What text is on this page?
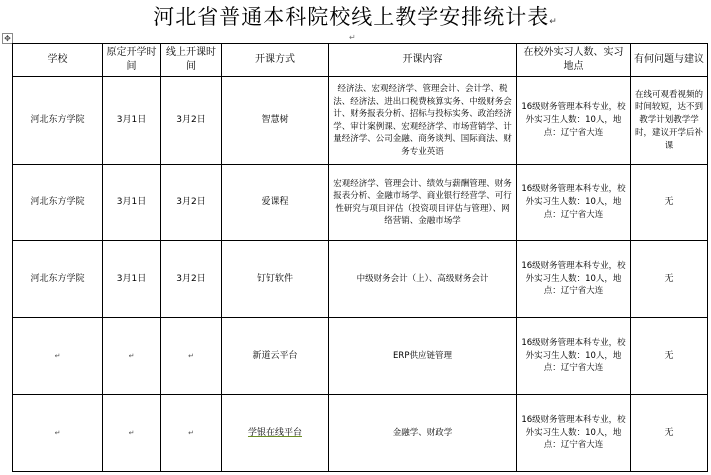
河北省普通本科院校线上教学安排统计表↵
✥	↵
学校	原定开学时间	线上开课时间	开课方式	开课内容	在校外实习人数、实习地点	有何问题与建议
河北东方学院	3月1日	3月2日	智慧树	经济法、宏观经济学、管理会计、会计学、税法、经济法、进出口税费核算实务、中级财务会计、财务报表分析、招标与投标实务、政治经济学、审计案例课、宏观经济学、市场营销学、计量经济学、公司金融、商务谈判、国际商法、财务专业英语	16级财务管理本科专业，校外实习生人数：10人，地点：辽宁省大连	在线可观看视频的时间较短，达不到教学计划教学学时，建议开学后补课
河北东方学院	3月1日	3月2日	爱课程	宏观经济学、管理会计、绩效与薪酬管理、财务报表分析、金融市场学、商业银行经营学、可行性研究与项目评估（投资项目评估与管理）、网络营销、金融市场学	16级财务管理本科专业，校外实习生人数：10人，地点：辽宁省大连	无
河北东方学院	3月1日	3月2日	钉钉软件	中级财务会计（上）、高级财务会计	16级财务管理本科专业，校外实习生人数：10人，地点：辽宁省大连	无
↵	↵	↵	新道云平台	ERP供应链管理	16级财务管理本科专业，校外实习生人数：10人，地点：辽宁省大连	无
↵	↵	↵	学银在线平台	金融学、财政学	16级财务管理本科专业，校外实习生人数：10人，地点：辽宁省大连	无
